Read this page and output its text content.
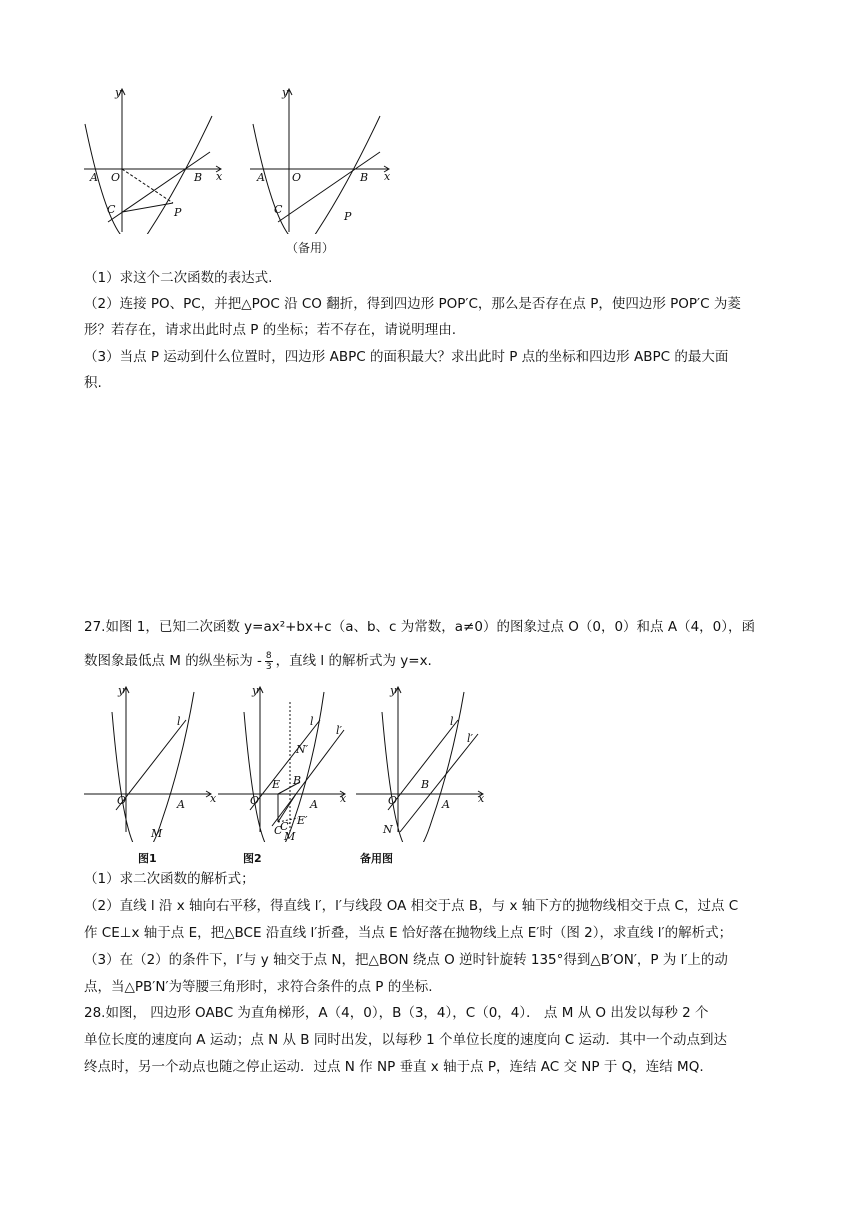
y
x
O
A	B
C	P
y
x
O
A	B
C
P
（备用）
（1）求这个二次函数的表达式.
（2）连接 PO、PC，并把△POC 沿 CO 翻折，得到四边形 POP′C，那么是否存在点 P，使四边形 POP′C 为菱
形？若存在，请求出此时点 P 的坐标；若不存在，请说明理由.
（3）当点 P 运动到什么位置时，四边形 ABPC 的面积最大？求出此时 P 点的坐标和四边形 ABPC 的最大面
积.
27.如图 1，已知二次函数 y=ax²+bx+c（a、b、c 为常数，a≠0）的图象过点 O（0，0）和点 A（4，0），函
数图象最低点 M 的纵坐标为 - $\frac{8}{3}$ ，直线 l 的解析式为 y=x.
y
l
O	A x
M
y
l
l′
N′
E B
O	A x
C
E′
M
C′
y
l
l′
B
O	A	x
N
图1	图2	备用图
（1）求二次函数的解析式；
（2）直线 l 沿 x 轴向右平移，得直线 l′，l′与线段 OA 相交于点 B，与 x 轴下方的抛物线相交于点 C，过点 C
作 CE⊥x 轴于点 E，把△BCE 沿直线 l′折叠，当点 E 恰好落在抛物线上点 E′时（图 2），求直线 l′的解析式；
（3）在（2）的条件下，l′与 y 轴交于点 N，把△BON 绕点 O 逆时针旋转 135°得到△B′ON′，P 为 l′上的动
点，当△PB′N′为等腰三角形时，求符合条件的点 P 的坐标.
28.如图， 四边形 OABC 为直角梯形，A（4，0），B（3，4），C（0，4）． 点 M 从 O 出发以每秒 2 个
单位长度的速度向 A 运动；点 N 从 B 同时出发，以每秒 1 个单位长度的速度向 C 运动．其中一个动点到达
终点时，另一个动点也随之停止运动．过点 N 作 NP 垂直 x 轴于点 P，连结 AC 交 NP 于 Q，连结 MQ.
